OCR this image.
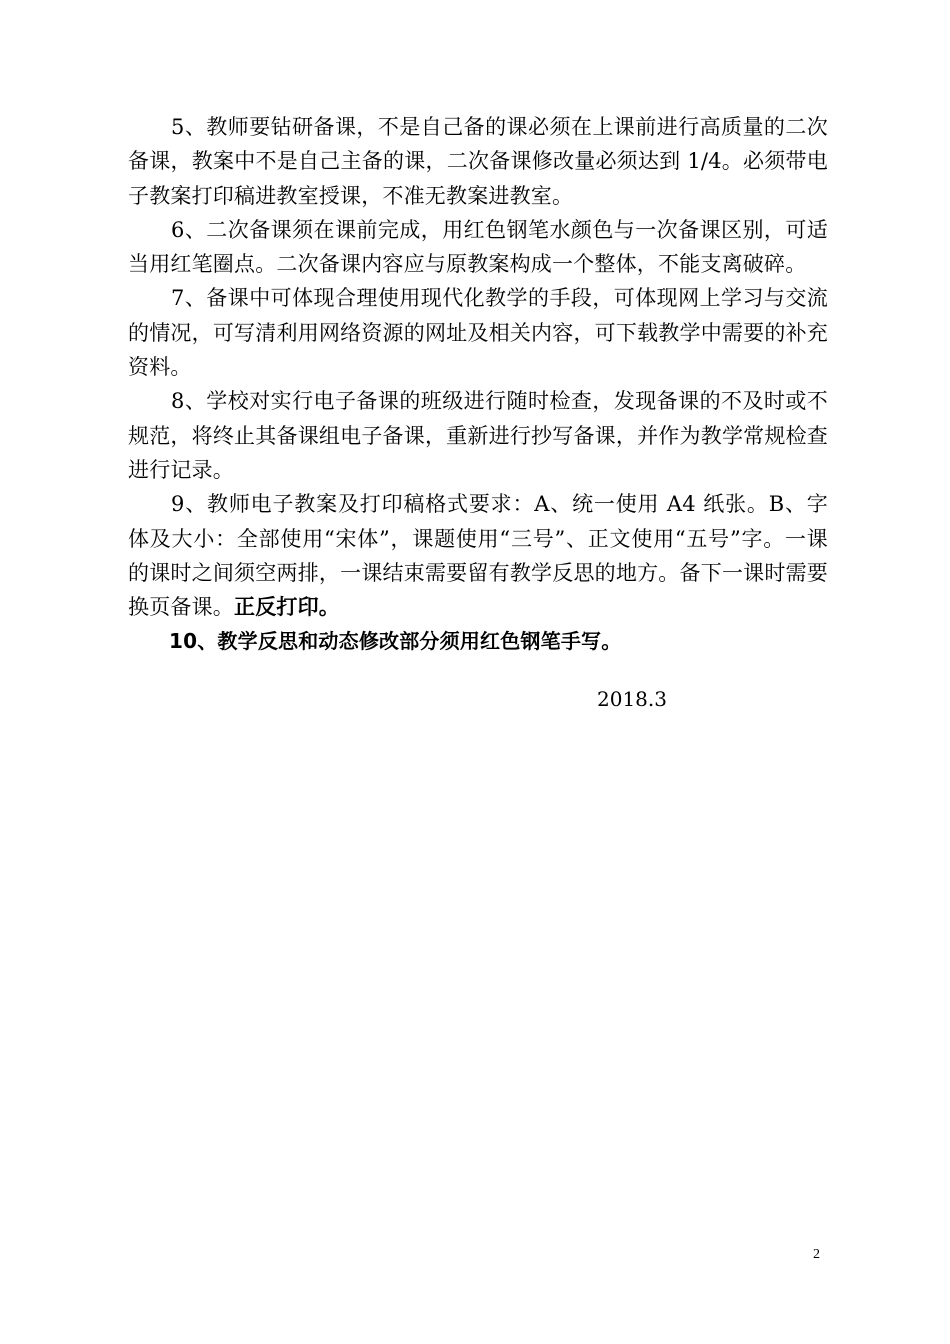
5、教师要钻研备课，不是自己备的课必须在上课前进行高质量的二次备课，教案中不是自己主备的课，二次备课修改量必须达到 1/4。必须带电子教案打印稿进教室授课，不准无教案进教室。

6、二次备课须在课前完成，用红色钢笔水颜色与一次备课区别，可适当用红笔圈点。二次备课内容应与原教案构成一个整体，不能支离破碎。

7、备课中可体现合理使用现代化教学的手段，可体现网上学习与交流的情况，可写清利用网络资源的网址及相关内容，可下载教学中需要的补充资料。

8、学校对实行电子备课的班级进行随时检查，发现备课的不及时或不规范，将终止其备课组电子备课，重新进行抄写备课，并作为教学常规检查进行记录。

9、教师电子教案及打印稿格式要求：A、统一使用 A4 纸张。B、字体及大小：全部使用“宋体”，课题使用“三号”、正文使用“五号”字。一课的课时之间须空两排，一课结束需要留有教学反思的地方。备下一课时需要换页备课。正反打印。

10、教学反思和动态修改部分须用红色钢笔手写。

2018.3
2
